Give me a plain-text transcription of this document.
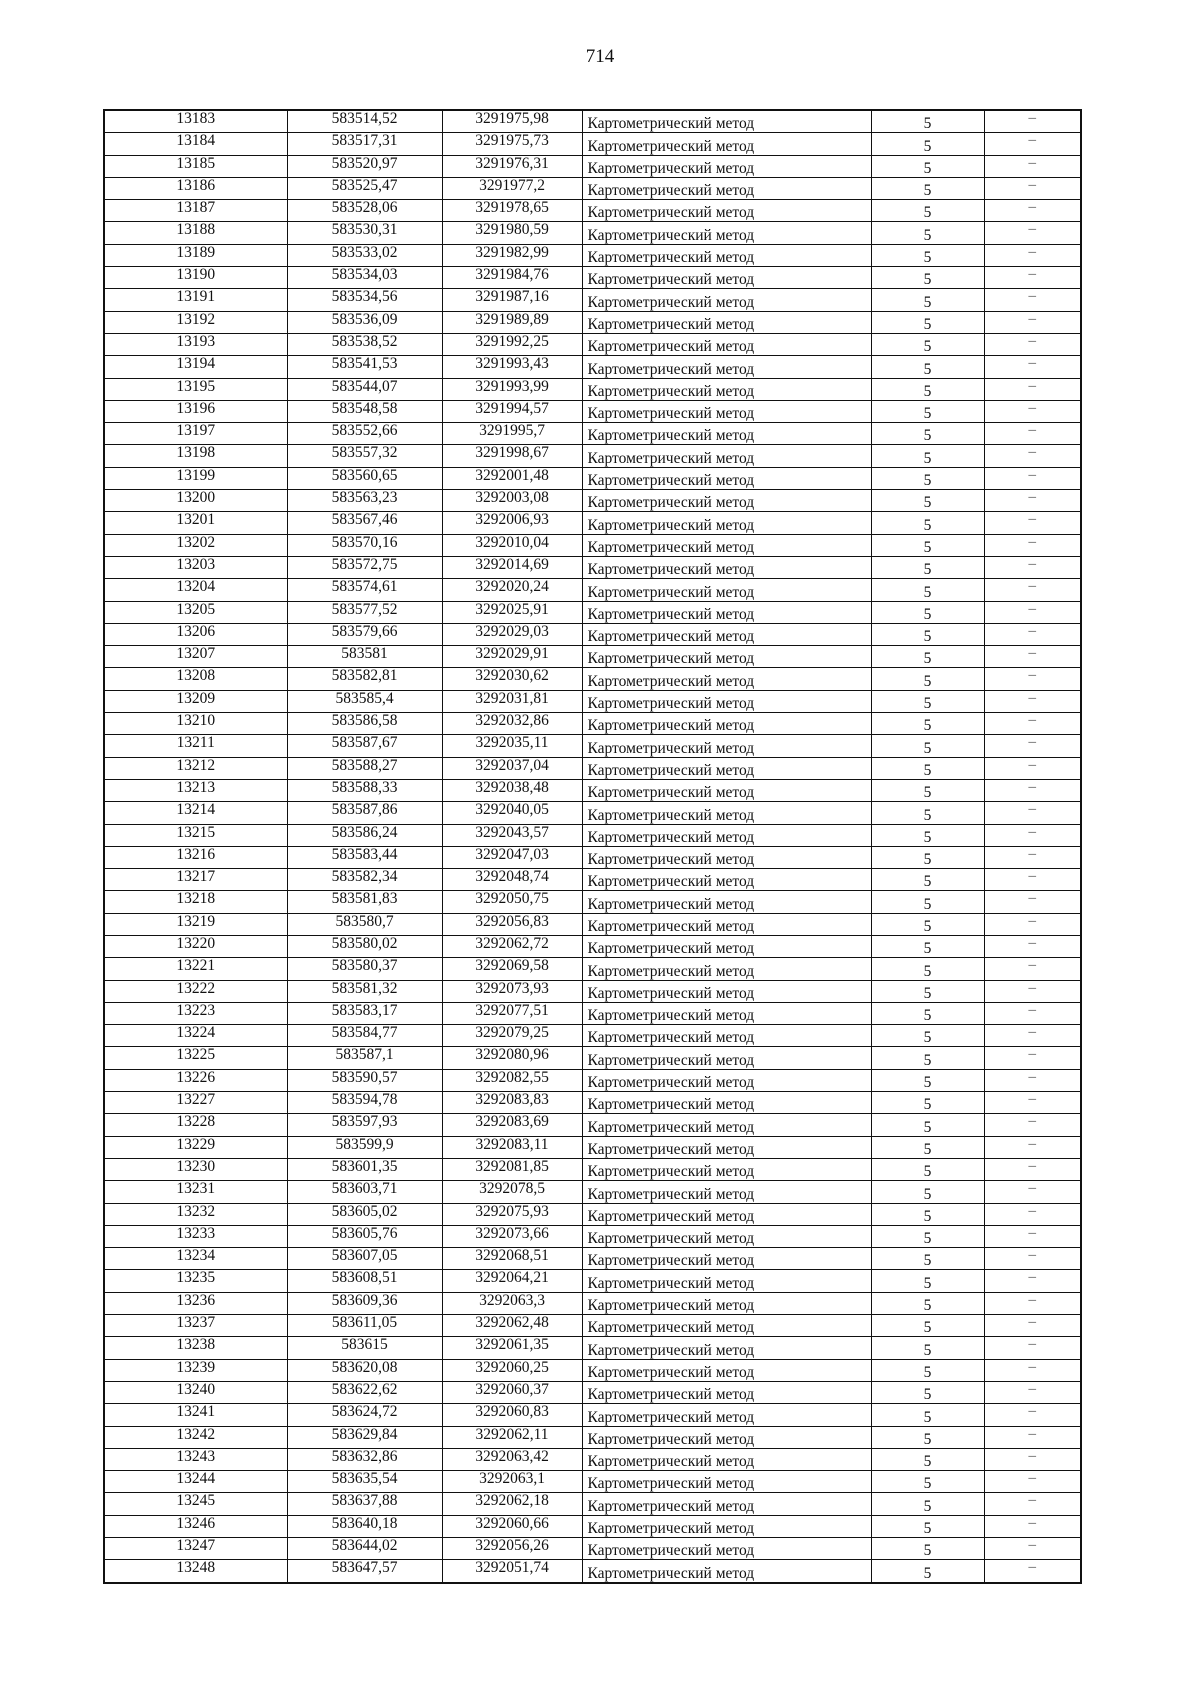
714
13183	583514,52	3291975,98	Картометрический метод	5	–
13184	583517,31	3291975,73	Картометрический метод	5	–
13185	583520,97	3291976,31	Картометрический метод	5	–
13186	583525,47	3291977,2	Картометрический метод	5	–
13187	583528,06	3291978,65	Картометрический метод	5	–
13188	583530,31	3291980,59	Картометрический метод	5	–
13189	583533,02	3291982,99	Картометрический метод	5	–
13190	583534,03	3291984,76	Картометрический метод	5	–
13191	583534,56	3291987,16	Картометрический метод	5	–
13192	583536,09	3291989,89	Картометрический метод	5	–
13193	583538,52	3291992,25	Картометрический метод	5	–
13194	583541,53	3291993,43	Картометрический метод	5	–
13195	583544,07	3291993,99	Картометрический метод	5	–
13196	583548,58	3291994,57	Картометрический метод	5	–
13197	583552,66	3291995,7	Картометрический метод	5	–
13198	583557,32	3291998,67	Картометрический метод	5	–
13199	583560,65	3292001,48	Картометрический метод	5	–
13200	583563,23	3292003,08	Картометрический метод	5	–
13201	583567,46	3292006,93	Картометрический метод	5	–
13202	583570,16	3292010,04	Картометрический метод	5	–
13203	583572,75	3292014,69	Картометрический метод	5	–
13204	583574,61	3292020,24	Картометрический метод	5	–
13205	583577,52	3292025,91	Картометрический метод	5	–
13206	583579,66	3292029,03	Картометрический метод	5	–
13207	583581	3292029,91	Картометрический метод	5	–
13208	583582,81	3292030,62	Картометрический метод	5	–
13209	583585,4	3292031,81	Картометрический метод	5	–
13210	583586,58	3292032,86	Картометрический метод	5	–
13211	583587,67	3292035,11	Картометрический метод	5	–
13212	583588,27	3292037,04	Картометрический метод	5	–
13213	583588,33	3292038,48	Картометрический метод	5	–
13214	583587,86	3292040,05	Картометрический метод	5	–
13215	583586,24	3292043,57	Картометрический метод	5	–
13216	583583,44	3292047,03	Картометрический метод	5	–
13217	583582,34	3292048,74	Картометрический метод	5	–
13218	583581,83	3292050,75	Картометрический метод	5	–
13219	583580,7	3292056,83	Картометрический метод	5	–
13220	583580,02	3292062,72	Картометрический метод	5	–
13221	583580,37	3292069,58	Картометрический метод	5	–
13222	583581,32	3292073,93	Картометрический метод	5	–
13223	583583,17	3292077,51	Картометрический метод	5	–
13224	583584,77	3292079,25	Картометрический метод	5	–
13225	583587,1	3292080,96	Картометрический метод	5	–
13226	583590,57	3292082,55	Картометрический метод	5	–
13227	583594,78	3292083,83	Картометрический метод	5	–
13228	583597,93	3292083,69	Картометрический метод	5	–
13229	583599,9	3292083,11	Картометрический метод	5	–
13230	583601,35	3292081,85	Картометрический метод	5	–
13231	583603,71	3292078,5	Картометрический метод	5	–
13232	583605,02	3292075,93	Картометрический метод	5	–
13233	583605,76	3292073,66	Картометрический метод	5	–
13234	583607,05	3292068,51	Картометрический метод	5	–
13235	583608,51	3292064,21	Картометрический метод	5	–
13236	583609,36	3292063,3	Картометрический метод	5	–
13237	583611,05	3292062,48	Картометрический метод	5	–
13238	583615	3292061,35	Картометрический метод	5	–
13239	583620,08	3292060,25	Картометрический метод	5	–
13240	583622,62	3292060,37	Картометрический метод	5	–
13241	583624,72	3292060,83	Картометрический метод	5	–
13242	583629,84	3292062,11	Картометрический метод	5	–
13243	583632,86	3292063,42	Картометрический метод	5	–
13244	583635,54	3292063,1	Картометрический метод	5	–
13245	583637,88	3292062,18	Картометрический метод	5	–
13246	583640,18	3292060,66	Картометрический метод	5	–
13247	583644,02	3292056,26	Картометрический метод	5	–
13248	583647,57	3292051,74	Картометрический метод	5	–
